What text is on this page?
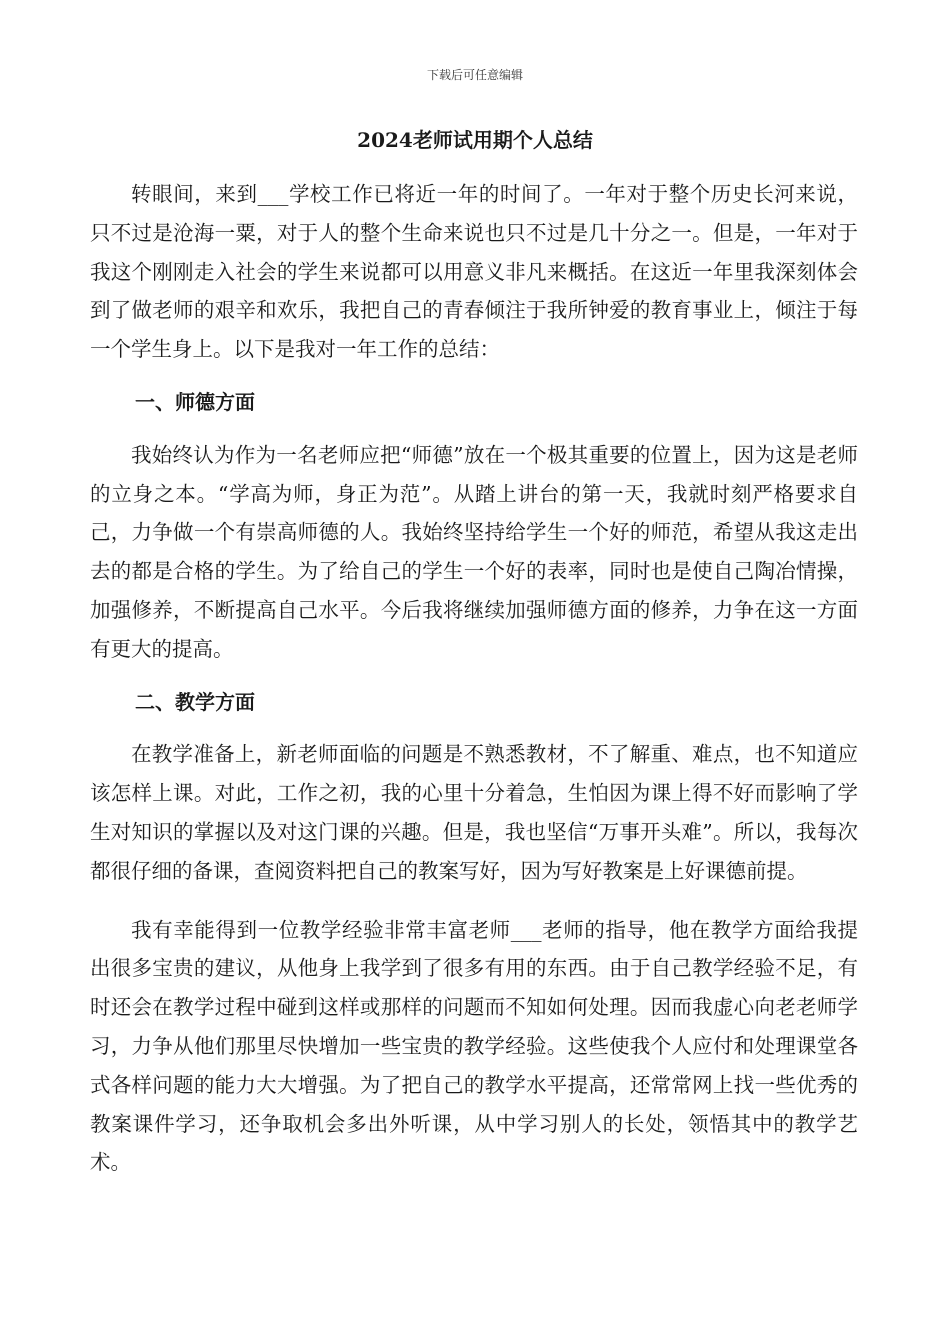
下载后可任意编辑
2024老师试用期个人总结

转眼间，来到___学校工作已将近一年的时间了。一年对于整个历史长河来说，只不过是沧海一粟，对于人的整个生命来说也只不过是几十分之一。但是，一年对于我这个刚刚走入社会的学生来说都可以用意义非凡来概括。在这近一年里我深刻体会到了做老师的艰辛和欢乐，我把自己的青春倾注于我所钟爱的教育事业上，倾注于每一个学生身上。以下是我对一年工作的总结：

一、师德方面

我始终认为作为一名老师应把“师德”放在一个极其重要的位置上，因为这是老师的立身之本。“学高为师，身正为范”。从踏上讲台的第一天，我就时刻严格要求自己，力争做一个有崇高师德的人。我始终坚持给学生一个好的师范，希望从我这走出去的都是合格的学生。为了给自己的学生一个好的表率，同时也是使自己陶冶情操，加强修养，不断提高自己水平。今后我将继续加强师德方面的修养，力争在这一方面有更大的提高。

二、教学方面

在教学准备上，新老师面临的问题是不熟悉教材，不了解重、难点，也不知道应该怎样上课。对此，工作之初，我的心里十分着急，生怕因为课上得不好而影响了学生对知识的掌握以及对这门课的兴趣。但是，我也坚信“万事开头难”。所以，我每次都很仔细的备课，查阅资料把自己的教案写好，因为写好教案是上好课德前提。

我有幸能得到一位教学经验非常丰富老师___老师的指导，他在教学方面给我提出很多宝贵的建议，从他身上我学到了很多有用的东西。由于自己教学经验不足，有时还会在教学过程中碰到这样或那样的问题而不知如何处理。因而我虚心向老老师学习，力争从他们那里尽快增加一些宝贵的教学经验。这些使我个人应付和处理课堂各式各样问题的能力大大增强。为了把自己的教学水平提高，还常常网上找一些优秀的教案课件学习，还争取机会多出外听课，从中学习别人的长处，领悟其中的教学艺术。
